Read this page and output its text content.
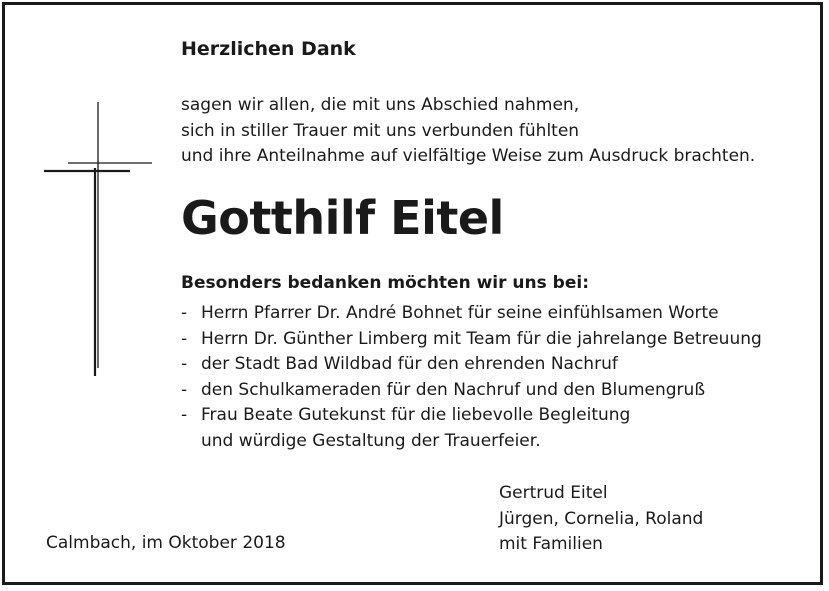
Herzlichen Dank
sagen wir allen, die mit uns Abschied nahmen,
sich in stiller Trauer mit uns verbunden fühlten
und ihre Anteilnahme auf vielfältige Weise zum Ausdruck brachten.
Gotthilf Eitel
Besonders bedanken möchten wir uns bei:
- Herrn Pfarrer Dr. André Bohnet für seine einfühlsamen Worte
- Herrn Dr. Günther Limberg mit Team für die jahrelange Betreuung
- der Stadt Bad Wildbad für den ehrenden Nachruf
- den Schulkameraden für den Nachruf und den Blumengruß
- Frau Beate Gutekunst für die liebevolle Begleitung
und würdige Gestaltung der Trauerfeier.
Calmbach, im Oktober 2018
Gertrud Eitel
Jürgen, Cornelia, Roland
mit Familien
